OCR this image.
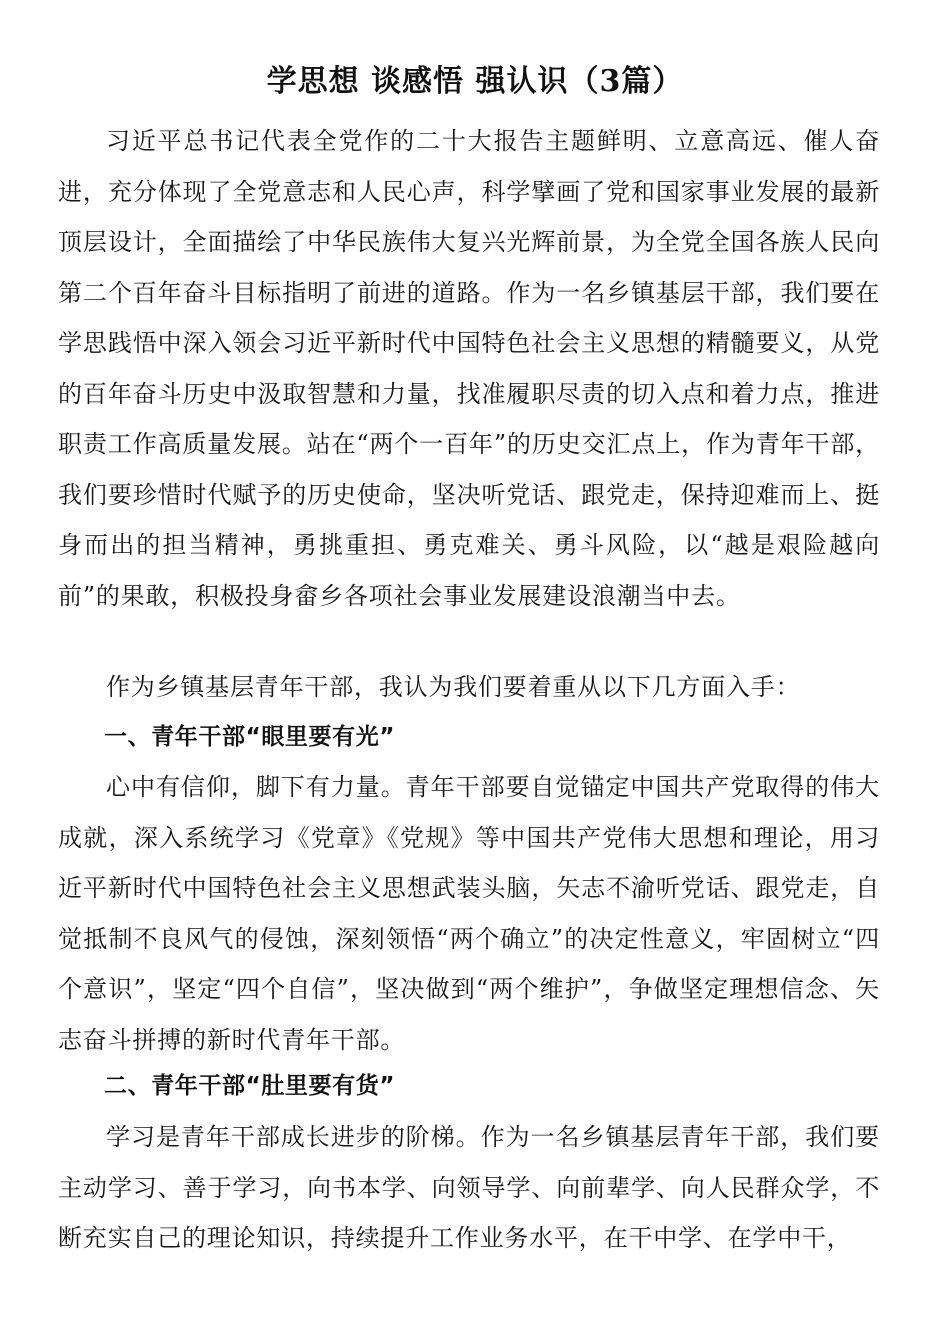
学思想 谈感悟 强认识（3篇）

习近平总书记代表全党作的二十大报告主题鲜明、立意高远、催人奋进，充分体现了全党意志和人民心声，科学擘画了党和国家事业发展的最新顶层设计，全面描绘了中华民族伟大复兴光辉前景，为全党全国各族人民向第二个百年奋斗目标指明了前进的道路。作为一名乡镇基层干部，我们要在学思践悟中深入领会习近平新时代中国特色社会主义思想的精髓要义，从党的百年奋斗历史中汲取智慧和力量，找准履职尽责的切入点和着力点，推进职责工作高质量发展。站在“两个一百年”的历史交汇点上，作为青年干部，我们要珍惜时代赋予的历史使命，坚决听党话、跟党走，保持迎难而上、挺身而出的担当精神，勇挑重担、勇克难关、勇斗风险，以“越是艰险越向前”的果敢，积极投身畲乡各项社会事业发展建设浪潮当中去。

作为乡镇基层青年干部，我认为我们要着重从以下几方面入手：

一、青年干部“眼里要有光”

心中有信仰，脚下有力量。青年干部要自觉锚定中国共产党取得的伟大成就，深入系统学习《党章》《党规》等中国共产党伟大思想和理论，用习近平新时代中国特色社会主义思想武装头脑，矢志不渝听党话、跟党走，自觉抵制不良风气的侵蚀，深刻领悟“两个确立”的决定性意义，牢固树立“四个意识”，坚定“四个自信”，坚决做到“两个维护”，争做坚定理想信念、矢志奋斗拼搏的新时代青年干部。

二、青年干部“肚里要有货”

学习是青年干部成长进步的阶梯。作为一名乡镇基层青年干部，我们要主动学习、善于学习，向书本学、向领导学、向前辈学、向人民群众学，不断充实自己的理论知识，持续提升工作业务水平，在干中学、在学中干，
